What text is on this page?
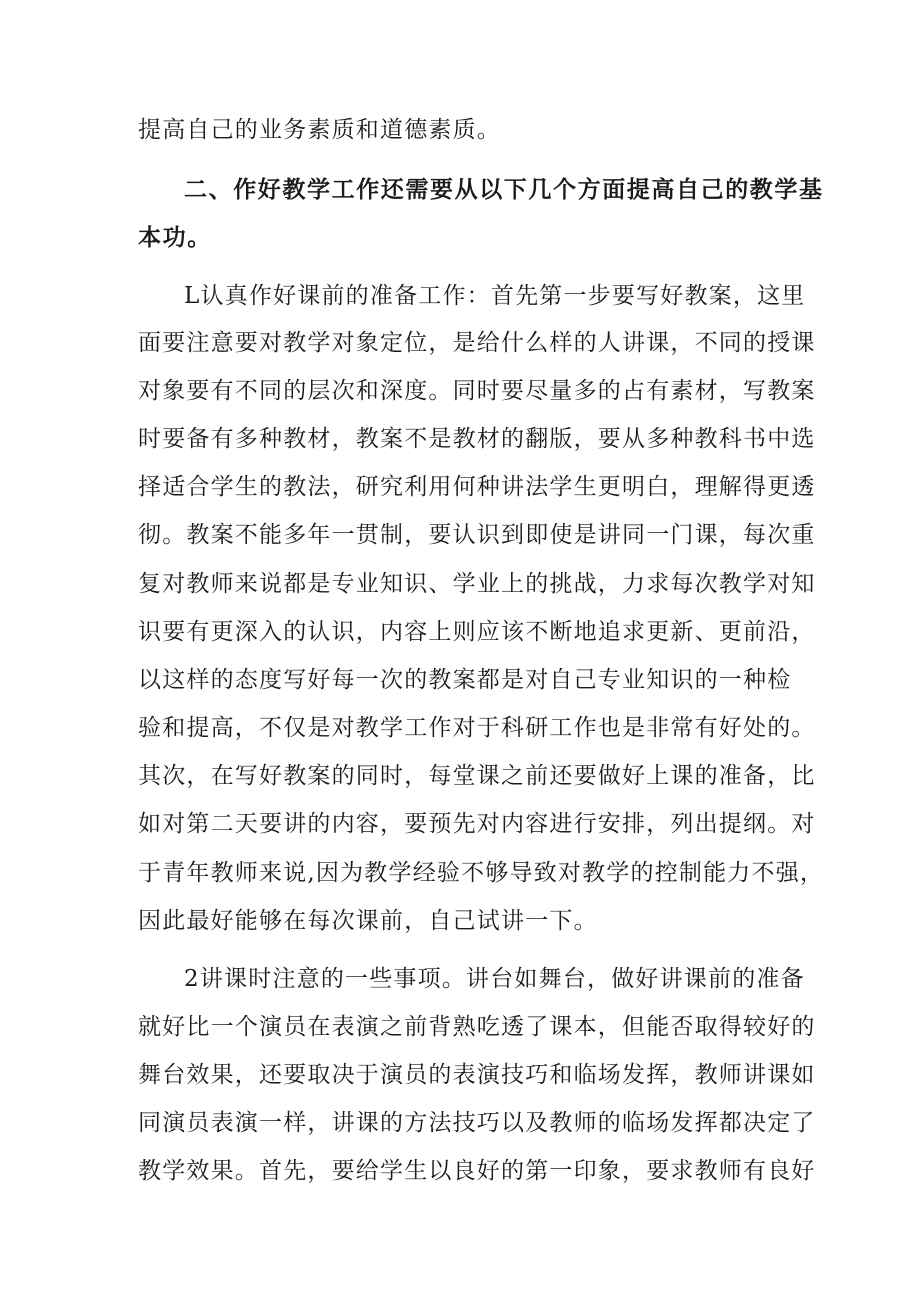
提高自己的业务素质和道德素质。
二、作好教学工作还需要从以下几个方面提高自己的教学基
本功。
L认真作好课前的准备工作：首先第一步要写好教案，这里
面要注意要对教学对象定位，是给什么样的人讲课，不同的授课
对象要有不同的层次和深度。同时要尽量多的占有素材，写教案
时要备有多种教材，教案不是教材的翻版，要从多种教科书中选
择适合学生的教法，研究利用何种讲法学生更明白，理解得更透
彻。教案不能多年一贯制，要认识到即使是讲同一门课，每次重
复对教师来说都是专业知识、学业上的挑战，力求每次教学对知
识要有更深入的认识，内容上则应该不断地追求更新、更前沿，
以这样的态度写好每一次的教案都是对自己专业知识的一种检
验和提高，不仅是对教学工作对于科研工作也是非常有好处的。
其次，在写好教案的同时，每堂课之前还要做好上课的准备，比
如对第二天要讲的内容，要预先对内容进行安排，列出提纲。对
于青年教师来说,因为教学经验不够导致对教学的控制能力不强，
因此最好能够在每次课前，自己试讲一下。
2讲课时注意的一些事项。讲台如舞台，做好讲课前的准备
就好比一个演员在表演之前背熟吃透了课本，但能否取得较好的
舞台效果，还要取决于演员的表演技巧和临场发挥，教师讲课如
同演员表演一样，讲课的方法技巧以及教师的临场发挥都决定了
教学效果。首先，要给学生以良好的第一印象，要求教师有良好
